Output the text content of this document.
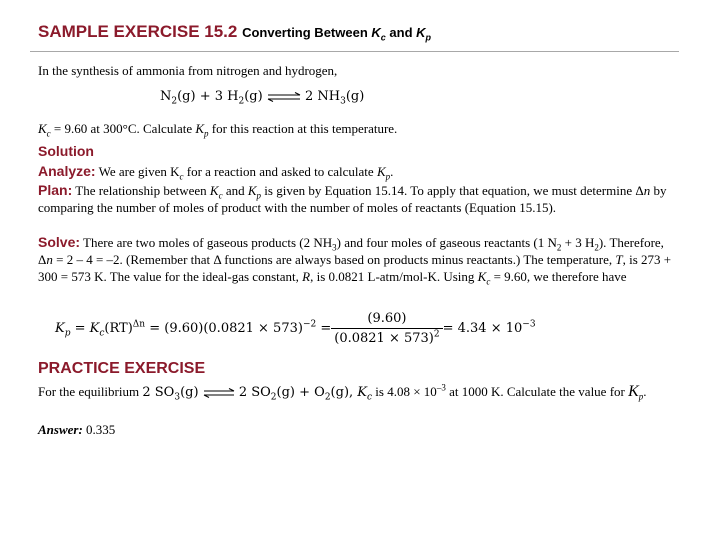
SAMPLE EXERCISE 15.2 Converting Between $K_c$ and $K_p$
In the synthesis of ammonia from nitrogen and hydrogen,
$N_2(g) + 3$ $H_2(g)$ ⇌ 2 $NH_3(g)$
$K_c = 9.60$ at 300°C. Calculate $K_p$ for this reaction at this temperature.
Solution
Analyze: We are given $K_c$ for a reaction and asked to calculate $K_p$.
Plan: The relationship between $K_c$ and $K_p$ is given by Equation 15.14. To apply that equation, we must determine Δn by comparing the number of moles of product with the number of moles of reactants (Equation 15.15).
Solve: There are two moles of gaseous products (2 $NH_3$) and four moles of gaseous reactants (1 $N_2 + 3$ $H_2$). Therefore, Δn = 2 – 4 = –2. (Remember that Δ functions are always based on products minus reactants.) The temperature, T, is 273 + 300 = 573 K. The value for the ideal-gas constant, R, is 0.0821 L-atm/mol-K. Using $K_c = 9.60$, we therefore have
$K_p = K_c(RT)^{\Delta n} = (9.60)(0.0821 \times 573)^{-2} = \frac{(9.60)}{(0.0821 \times 573)^2} = 4.34 \times 10^{-3}$
PRACTICE EXERCISE
For the equilibrium 2 $SO_3(g)$ ⇌ 2 $SO_2(g) + O_2(g)$, $K_c$ is $4.08 \times 10^{-3}$ at 1000 K. Calculate the value for $K_p$.
Answer: 0.335
